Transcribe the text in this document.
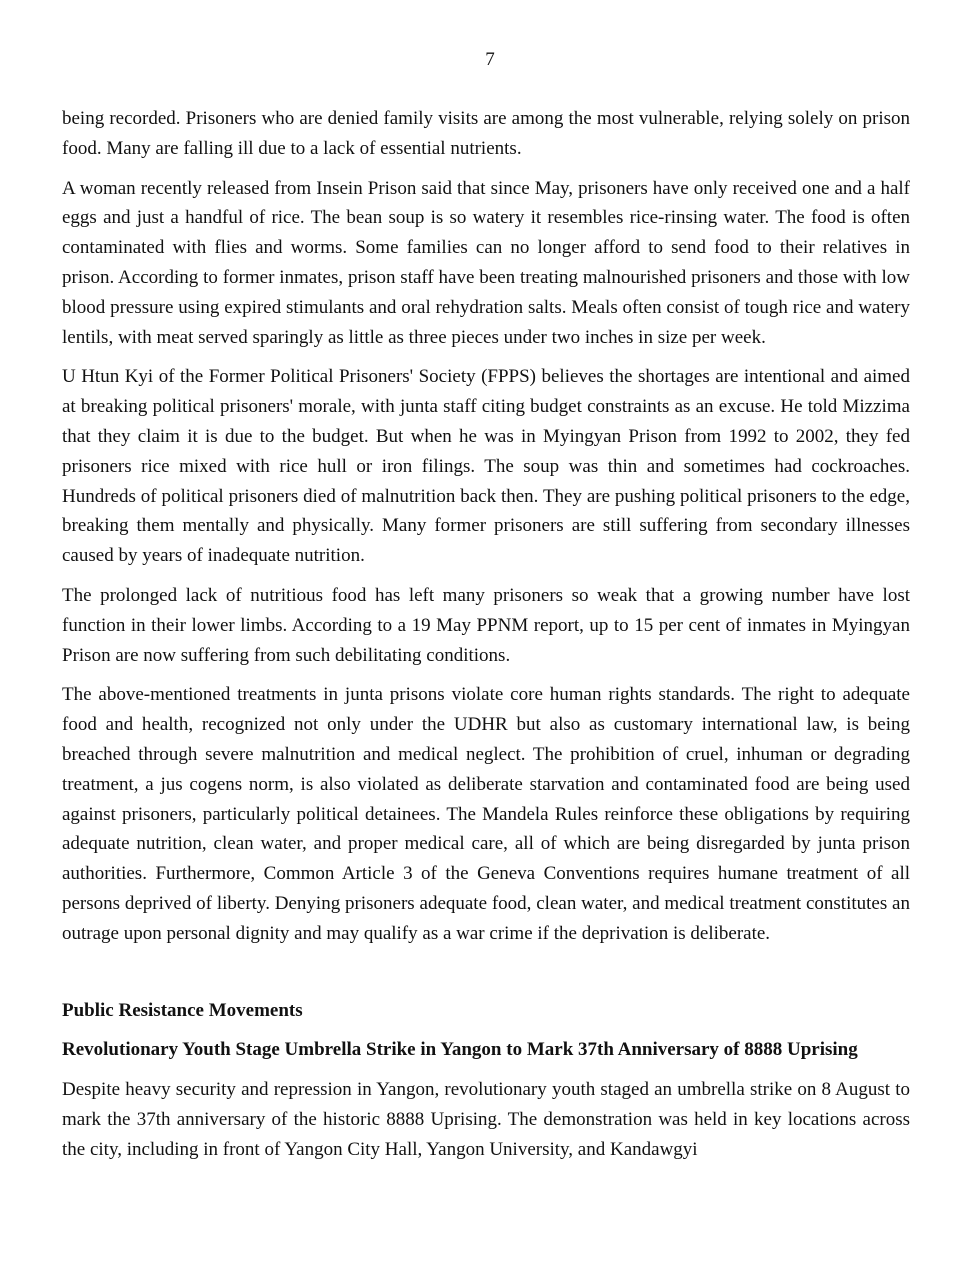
7

being recorded. Prisoners who are denied family visits are among the most vulnerable, relying solely on prison food. Many are falling ill due to a lack of essential nutrients.

A woman recently released from Insein Prison said that since May, prisoners have only received one and a half eggs and just a handful of rice. The bean soup is so watery it resembles rice-rinsing water. The food is often contaminated with flies and worms. Some families can no longer afford to send food to their relatives in prison. According to former inmates, prison staff have been treating malnourished prisoners and those with low blood pressure using expired stimulants and oral rehydration salts. Meals often consist of tough rice and watery lentils, with meat served sparingly as little as three pieces under two inches in size per week.

U Htun Kyi of the Former Political Prisoners' Society (FPPS) believes the shortages are intentional and aimed at breaking political prisoners' morale, with junta staff citing budget constraints as an excuse. He told Mizzima that they claim it is due to the budget. But when he was in Myingyan Prison from 1992 to 2002, they fed prisoners rice mixed with rice hull or iron filings. The soup was thin and sometimes had cockroaches. Hundreds of political prisoners died of malnutrition back then. They are pushing political prisoners to the edge, breaking them mentally and physically. Many former prisoners are still suffering from secondary illnesses caused by years of inadequate nutrition.

The prolonged lack of nutritious food has left many prisoners so weak that a growing number have lost function in their lower limbs. According to a 19 May PPNM report, up to 15 per cent of inmates in Myingyan Prison are now suffering from such debilitating conditions.

The above-mentioned treatments in junta prisons violate core human rights standards. The right to adequate food and health, recognized not only under the UDHR but also as customary international law, is being breached through severe malnutrition and medical neglect. The prohibition of cruel, inhuman or degrading treatment, a jus cogens norm, is also violated as deliberate starvation and contaminated food are being used against prisoners, particularly political detainees. The Mandela Rules reinforce these obligations by requiring adequate nutrition, clean water, and proper medical care, all of which are being disregarded by junta prison authorities. Furthermore, Common Article 3 of the Geneva Conventions requires humane treatment of all persons deprived of liberty. Denying prisoners adequate food, clean water, and medical treatment constitutes an outrage upon personal dignity and may qualify as a war crime if the deprivation is deliberate.

Public Resistance Movements
Revolutionary Youth Stage Umbrella Strike in Yangon to Mark 37th Anniversary of 8888 Uprising

Despite heavy security and repression in Yangon, revolutionary youth staged an umbrella strike on 8 August to mark the 37th anniversary of the historic 8888 Uprising. The demonstration was held in key locations across the city, including in front of Yangon City Hall, Yangon University, and Kandawgyi
